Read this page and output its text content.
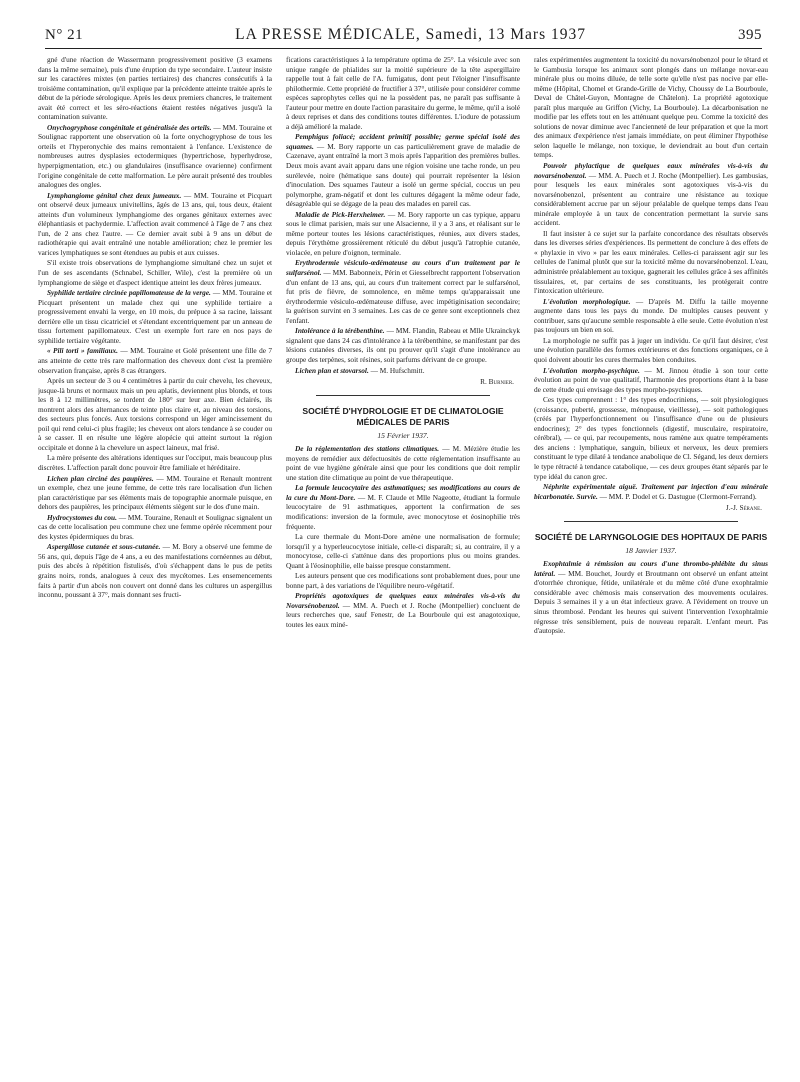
N° 21	LA PRESSE MÉDICALE, Samedi, 13 Mars 1937	395

gné d'une réaction de Wassermann progressivement positive (3 examens dans la même semaine), puis d'une éruption du type secondaire. L'auteur insiste sur les caractères mixtes (en parties tertiaires) des chancres consécutifs à la troisième contamination, qu'il explique par la précédente atteinte traitée après le début de la période sérologique. Après les deux premiers chancres, le traitement avait été correct et les séro-réactions étaient restées négatives jusqu'à la contamination suivante.

Onychogryphose congénitale et généralisée des orteils. — MM. Touraine et Soulignac rapportent une observation où la forte onychogryphose de tous les orteils et l'hyperonychie des mains remontaient à l'enfance. L'existence de nombreuses autres dysplasies ectodermiques (hypertrichose, hyperhydrose, hyperpigmentation, etc.) ou glandulaires (insuffisance ovarienne) confirment l'origine congénitale de cette malformation. Le père aurait présenté des troubles analogues des ongles.

Lymphangiome génital chez deux jumeaux. — MM. Touraine et Picquart ont observé deux jumeaux univitellins, âgés de 13 ans, qui, tous deux, étaient atteints d'un volumineux lymphangiome des organes génitaux externes avec éléphantiasis et pachydermie. L'affection avait commencé à l'âge de 7 ans chez l'un, de 2 ans chez l'autre. — Ce dernier avait subi à 9 ans un début de radiothérapie qui avait entraîné une notable amélioration; chez le premier les varices lymphatiques se sont étendues au pubis et aux cuisses.

S'il existe trois observations de lymphangiome simultané chez un sujet et l'un de ses ascendants (Schnabel, Schiller, Wile), c'est la première où un lymphangiome de siège et d'aspect identique atteint les deux frères jumeaux.

Syphilide tertiaire circinée papillomateuse de la verge. — MM. Touraine et Picquart présentent un malade chez qui une syphilide tertiaire a progressivement envahi la verge, en 10 mois, du prépuce à sa racine, laissant derrière elle un tissu cicatriciel et s'étendant excentriquement par un anneau de tissu fortement papillomateux. C'est un exemple fort rare en nos pays de syphilide tertiaire végétante.

« Pili torti » familiaux. — MM. Touraine et Golé présentent une fille de 7 ans atteinte de cette très rare malformation des cheveux dont c'est la première observation française, après 8 cas étrangers.

Après un secteur de 3 ou 4 centimètres à partir du cuir chevelu, les cheveux, jusque-là bruns et normaux mais un peu aplatis, deviennent plus blonds, et tous les 8 à 12 millimètres, se tordent de 180° sur leur axe. Bien éclairés, ils montrent alors des alternances de teinte plus claire et, au niveau des torsions, des secteurs plus foncés. Aux torsions correspond un léger amincissement du poil qui rend celui-ci plus fragile; les cheveux ont alors tendance à se couder ou à se casser. Il en résulte une légère alopécie qui atteint surtout la région occipitale et donne à la chevelure un aspect laineux, mal frisé.

La mère présente des altérations identiques sur l'occiput, mais beaucoup plus discrètes. L'affection paraît donc pouvoir être familiale et héréditaire.

Lichen plan circiné des paupières. — MM. Touraine et Renault montrent un exemple, chez une jeune femme, de cette très rare localisation d'un lichen plan caractéristique par ses éléments mais de topographie anormale puisque, en dehors des paupières, les principaux éléments siègent sur le dos d'une main.

Hydrocystomes du cou. — MM. Touraine, Renault et Soulignac signalent un cas de cette localisation peu commune chez une femme opérée récemment pour des kystes épidermiques du bras.

Aspergillose cutanée et sous-cutanée. — M. Bory a observé une femme de 56 ans, qui, depuis l'âge de 4 ans, a eu des manifestations cornéennes au début, puis des abcès à répétition fistulisés, d'où s'échappent dans le pus de petits grains noirs, ronds, analogues à ceux des mycétomes. Les ensemencements faits à partir d'un abcès non couvert ont donné dans les cultures un aspergillus inconnu, poussant à 37°, mais donnant ses fructi-

fications caractéristiques à la température optima de 25°. La vésicule avec son unique rangée de phialides sur la moitié supérieure de la tête aspergillaire rappelle tout à fait celle de l'A. fumigatus, dont peut l'éloigner l'insuffisante philothermie. Cette propriété de fructifier à 37°, utilisée pour considérer comme espèces saprophytes celles qui ne la possèdent pas, ne paraît pas suffisante à l'auteur pour mettre en doute l'action parasitaire du germe, le même, qu'il a isolé à deux reprises et dans des conditions toutes différentes. L'iodure de potassium a déjà amélioré la malade.

Pemphigus foliacé; accident primitif possible; germe spécial isolé des squames. — M. Bory rapporte un cas particulièrement grave de maladie de Cazenave, ayant entraîné la mort 3 mois après l'apparition des premières bulles. Deux mois avant avait apparu dans une région voisine une tache ronde, un peu surélevée, noire (hématique sans doute) qui pourrait représenter la lésion d'inoculation. Des squames l'auteur a isolé un germe spécial, coccus un peu polymorphe, gram-négatif et dont les cultures dégagent la même odeur fade, désagréable qui se dégage de la peau des malades en pareil cas.

Maladie de Pick-Herxheimer. — M. Bory rapporte un cas typique, apparu sous le climat parisien, mais sur une Alsacienne, il y a 3 ans, et réalisant sur le même porteur toutes les lésions caractéristiques, réunies, aux divers stades, depuis l'érythème grossièrement réticulé du début jusqu'à l'atrophie cutanée, violacée, en pelure d'oignon, terminale.

Erythrodermie vésiculo-œdémateuse au cours d'un traitement par le sulfarsénol. — MM. Babonneix, Périn et Giesselbrecht rapportent l'observation d'un enfant de 13 ans, qui, au cours d'un traitement correct par le sulfarsénol, fut pris de fièvre, de somnolence, en même temps qu'apparaissait une érythrodermie vésiculo-œdémateuse diffuse, avec impétiginisation secondaire; la guérison survint en 3 semaines. Les cas de ce genre sont exceptionnels chez l'enfant.

Intolérance à la térébenthine. — MM. Flandin, Rabeau et Mlle Ukrainckyk signalent que dans 24 cas d'intolérance à la térébenthine, se manifestant par des lésions cutanées diverses, ils ont pu prouver qu'il s'agit d'une intolérance au groupe des terpènes, soit résines, soit parfums dérivant de ce groupe.

Lichen plan et stovarsol. — M. Hufschmitt.

R. Burnier.
SOCIÉTÉ D'HYDROLOGIE ET DE CLIMATOLOGIE MÉDICALES DE PARIS
15 Février 1937.

De la réglementation des stations climatiques. — M. Mézière étudie les moyens de remédier aux défectuosités de cette réglementation insuffisante au point de vue hygiène générale ainsi que pour les conditions que doit remplir une station dite climatique au point de vue thérapeutique.

La formule leucocytaire des asthmatiques; ses modifications au cours de la cure du Mont-Dore. — M. F. Claude et Mlle Nageotte, étudiant la formule leucocytaire de 91 asthmatiques, apportent la confirmation de ses modifications: inversion de la formule, avec monocytose et éosinophilie très fréquente.

La cure thermale du Mont-Dore amène une normalisation de formule; lorsqu'il y a hyperleucocytose initiale, celle-ci disparaît; si, au contraire, il y a monocytose, celle-ci s'atténue dans des proportions plus ou moins grandes. Quant à l'éosinophilie, elle baisse presque constamment.

Les auteurs pensent que ces modifications sont probablement dues, pour une bonne part, à des variations de l'équilibre neuro-végétatif.

Propriétés agotoxiques de quelques eaux minérales vis-à-vis du Novarsénobenzol. — MM. A. Puech et J. Roche (Montpellier) concluent de leurs recherches que, sauf Fenestr, de La Bourboule qui est anagotoxique, toutes les eaux miné-

rales expérimentées augmentent la toxicité du novarsénobenzol pour le têtard et le Gambusia lorsque les animaux sont plongés dans un mélange novar-eau minérale plus ou moins diluée, de telle sorte qu'elle n'est pas nocive par elle-même (Hôpital, Chomel et Grande-Grille de Vichy, Choussy de La Bourboule, Deval de Châtel-Guyon, Montagne de Châtelon). La propriété agotoxique paraît plus marquée au Griffon (Vichy, La Bourboule). La décarbonisation ne modifie par les effets tout en les atténuant quelque peu. Comme la toxicité des solutions de novar diminue avec l'ancienneté de leur préparation et que la mort des animaux d'expérience n'est jamais immédiate, on peut éliminer l'hypothèse selon laquelle le mélange, non toxique, le deviendrait au bout d'un certain temps.

Pouvoir phylactique de quelques eaux minérales vis-à-vis du novarsénobenzol. — MM. A. Puech et J. Roche (Montpellier). Les gambusias, pour lesquels les eaux minérales sont agotoxiques vis-à-vis du novarsénobenzol, présentent au contraire une résistance au toxique considérablement accrue par un séjour préalable de quelque temps dans l'eau minérale employée à un taux de concentration permettant la survie sans accident.

Il faut insister à ce sujet sur la parfaite concordance des résultats observés dans les diverses séries d'expériences. Ils permettent de conclure à des effets de « phylaxie in vivo » par les eaux minérales. Celles-ci paraissent agir sur les cellules de l'animal plutôt que sur la toxicité même du novarsénobenzol. L'eau, administrée préalablement au toxique, gagnerait les cellules grâce à ses affinités tissulaires, et, par certains de ses constituants, les protégerait contre l'intoxication ultérieure.

L'évolution morphologique. — D'après M. Diffu la taille moyenne augmente dans tous les pays du monde. De multiples causes peuvent y contribuer, sans qu'aucune semble responsable à elle seule. Cette évolution n'est pas toujours un bien en soi.

La morphologie ne suffit pas à juger un individu. Ce qu'il faut désirer, c'est une évolution parallèle des formes extérieures et des fonctions organiques, ce à quoi doivent aboutir les cures thermales bien conduites.

L'évolution morpho-psychique. — M. Jinnou étudie à son tour cette évolution au point de vue qualitatif, l'harmonie des proportions étant à la base de cette étude qui envisage des types morpho-psychiques.

Ces types comprennent : 1° des types endocriniens, — soit physiologiques (croissance, puberté, grossesse, ménopause, vieillesse), — soit pathologiques (créés par l'hyperfonctionnement ou l'insuffisance d'une ou de plusieurs endocrines); 2° des types fonctionnels (digestif, musculaire, respiratoire, cérébral), — ce qui, par recoupements, nous ramène aux quatre tempéraments des anciens : lymphatique, sanguin, bilieux et nerveux, les deux premiers constituant le type dilaté à tendance anabolique de Cl. Ségand, les deux derniers le type rétracté à tendance catabolique, — ces deux groupes étant séparés par le type idéal du canon grec.

Néphrite expérimentale aiguë. Traitement par injection d'eau minérale bicarbonatée. Survie. — MM. P. Dodel et G. Dastugue (Clermont-Ferrand).

J.-J. Sérane.
SOCIÉTÉ DE LARYNGOLOGIE DES HOPITAUX DE PARIS
18 Janvier 1937.

Exophtalmie à rémission au cours d'une thrombo-phlébite du sinus latéral. — MM. Bouchet, Jourdy et Broutmann ont observé un enfant atteint d'otorrhée chronique, fétide, unilatérale et du même côté d'une exophtalmie considérable avec chémosis mais conservation des mouvements oculaires. Depuis 3 semaines il y a un état infectieux grave. A l'évidement on trouve un sinus thrombosé. Pendant les heures qui suivent l'intervention l'exophtalmie régresse très sensiblement, puis de nouveau reparaît. L'enfant meurt. Pas d'autopsie.
